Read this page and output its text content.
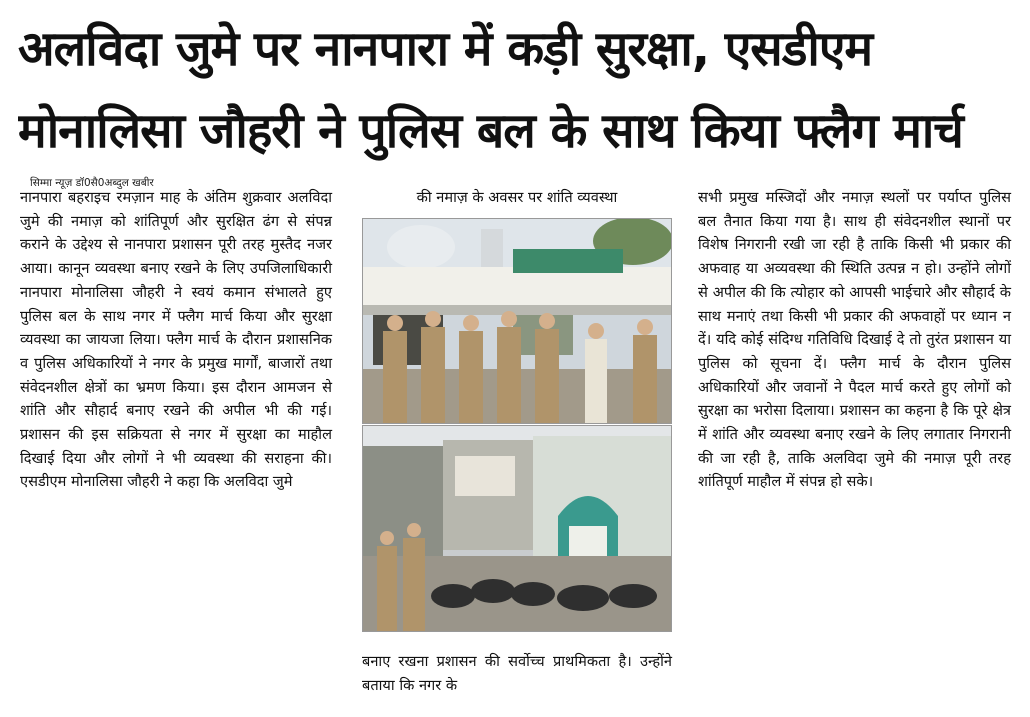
अलविदा जुमे पर नानपारा में कड़ी सुरक्षा, एसडीएम
मोनालिसा जौहरी ने पुलिस बल के साथ किया फ्लैग मार्च
सिम्मा न्यूज़ डॉ0सै0अब्दुल खबीर

नानपारा बहराइच रमज़ान माह के अंतिम शुक्रवार अलविदा जुमे की नमाज़ को शांतिपूर्ण और सुरक्षित ढंग से संपन्न कराने के उद्देश्य से नानपारा प्रशासन पूरी तरह मुस्तैद नजर आया। कानून व्यवस्था बनाए रखने के लिए उपजिलाधिकारी नानपारा मोनालिसा जौहरी ने स्वयं कमान संभालते हुए पुलिस बल के साथ नगर में फ्लैग मार्च किया और सुरक्षा व्यवस्था का जायजा लिया। फ्लैग मार्च के दौरान प्रशासनिक व पुलिस अधिकारियों ने नगर के प्रमुख मार्गों, बाजारों तथा संवेदनशील क्षेत्रों का भ्रमण किया। इस दौरान आमजन से शांति और सौहार्द बनाए रखने की अपील भी की गई। प्रशासन की इस सक्रियता से नगर में सुरक्षा का माहौल दिखाई दिया और लोगों ने भी व्यवस्था की सराहना की। एसडीएम मोनालिसा जौहरी ने कहा कि अलविदा जुमे

की नमाज़ के अवसर पर शांति व्यवस्था

बनाए रखना प्रशासन की सर्वोच्च प्राथमिकता है। उन्होंने बताया कि नगर के

सभी प्रमुख मस्जिदों और नमाज़ स्थलों पर पर्याप्त पुलिस बल तैनात किया गया है। साथ ही संवेदनशील स्थानों पर विशेष निगरानी रखी जा रही है ताकि किसी भी प्रकार की अफवाह या अव्यवस्था की स्थिति उत्पन्न न हो। उन्होंने लोगों से अपील की कि त्योहार को आपसी भाईचारे और सौहार्द के साथ मनाएं तथा किसी भी प्रकार की अफवाहों पर ध्यान न दें। यदि कोई संदिग्ध गतिविधि दिखाई दे तो तुरंत प्रशासन या पुलिस को सूचना दें। फ्लैग मार्च के दौरान पुलिस अधिकारियों और जवानों ने पैदल मार्च करते हुए लोगों को सुरक्षा का भरोसा दिलाया। प्रशासन का कहना है कि पूरे क्षेत्र में शांति और व्यवस्था बनाए रखने के लिए लगातार निगरानी की जा रही है, ताकि अलविदा जुमे की नमाज़ पूरी तरह शांतिपूर्ण माहौल में संपन्न हो सके।
